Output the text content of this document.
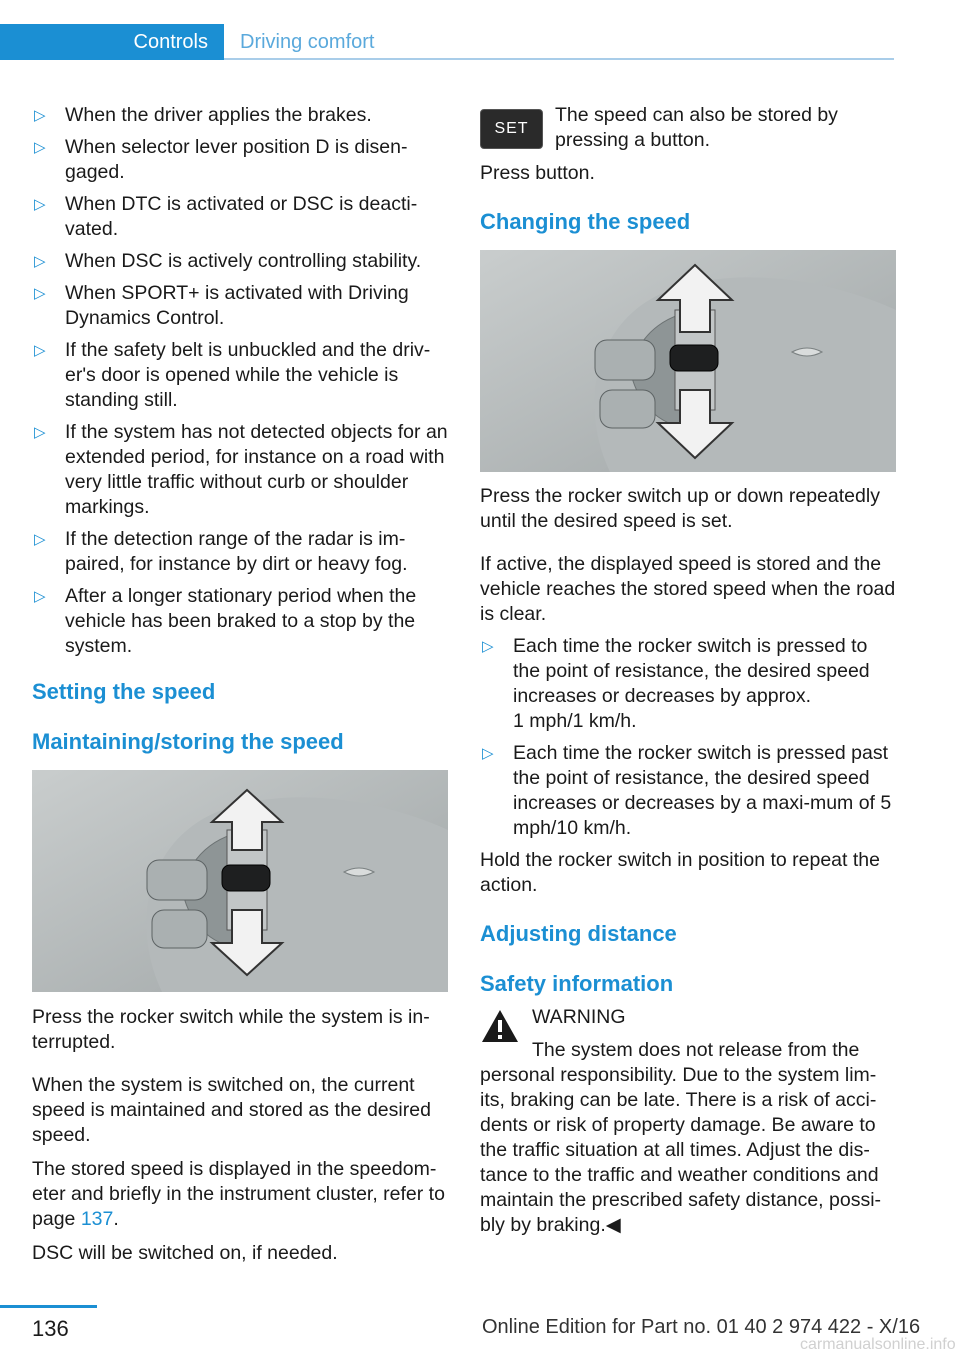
Controls	Driving comfort
▷ When the driver applies the brakes.
▷ When selector lever position D is disen‐gaged.
▷ When DTC is activated or DSC is deacti‐vated.
▷ When DSC is actively controlling stability.
▷ When SPORT+ is activated with Driving Dynamics Control.
▷ If the safety belt is unbuckled and the driv‐er's door is opened while the vehicle is standing still.
▷ If the system has not detected objects for an extended period, for instance on a road with very little traffic without curb or shoulder markings.
▷ If the detection range of the radar is im‐paired, for instance by dirt or heavy fog.
▷ After a longer stationary period when the vehicle has been braked to a stop by the system.
Setting the speed
Maintaining/storing the speed

Press the rocker switch while the system is in‐terrupted.

When the system is switched on, the current speed is maintained and stored as the desired speed.

The stored speed is displayed in the speedom‐eter and briefly in the instrument cluster, refer to page 137.

DSC will be switched on, if needed.

SET
The speed can also be stored by pressing a button.

Press button.

Changing the speed

Press the rocker switch up or down repeatedly until the desired speed is set.

If active, the displayed speed is stored and the vehicle reaches the stored speed when the road is clear.

▷ Each time the rocker switch is pressed to the point of resistance, the desired speed increases or decreases by approx.
1 mph/1 km/h.
▷ Each time the rocker switch is pressed past the point of resistance, the desired speed increases or decreases by a maxi‐mum of 5 mph/10 km/h.

Hold the rocker switch in position to repeat the action.

Adjusting distance
Safety information
WARNING
The system does not release from the personal responsibility. Due to the system lim‐its, braking can be late. There is a risk of acci‐dents or risk of property damage. Be aware to the traffic situation at all times. Adjust the dis‐tance to the traffic and weather conditions and maintain the prescribed safety distance, possi‐bly by braking.◀
136	Online Edition for Part no. 01 40 2 974 422 - X/16
carmanualsonline.info
